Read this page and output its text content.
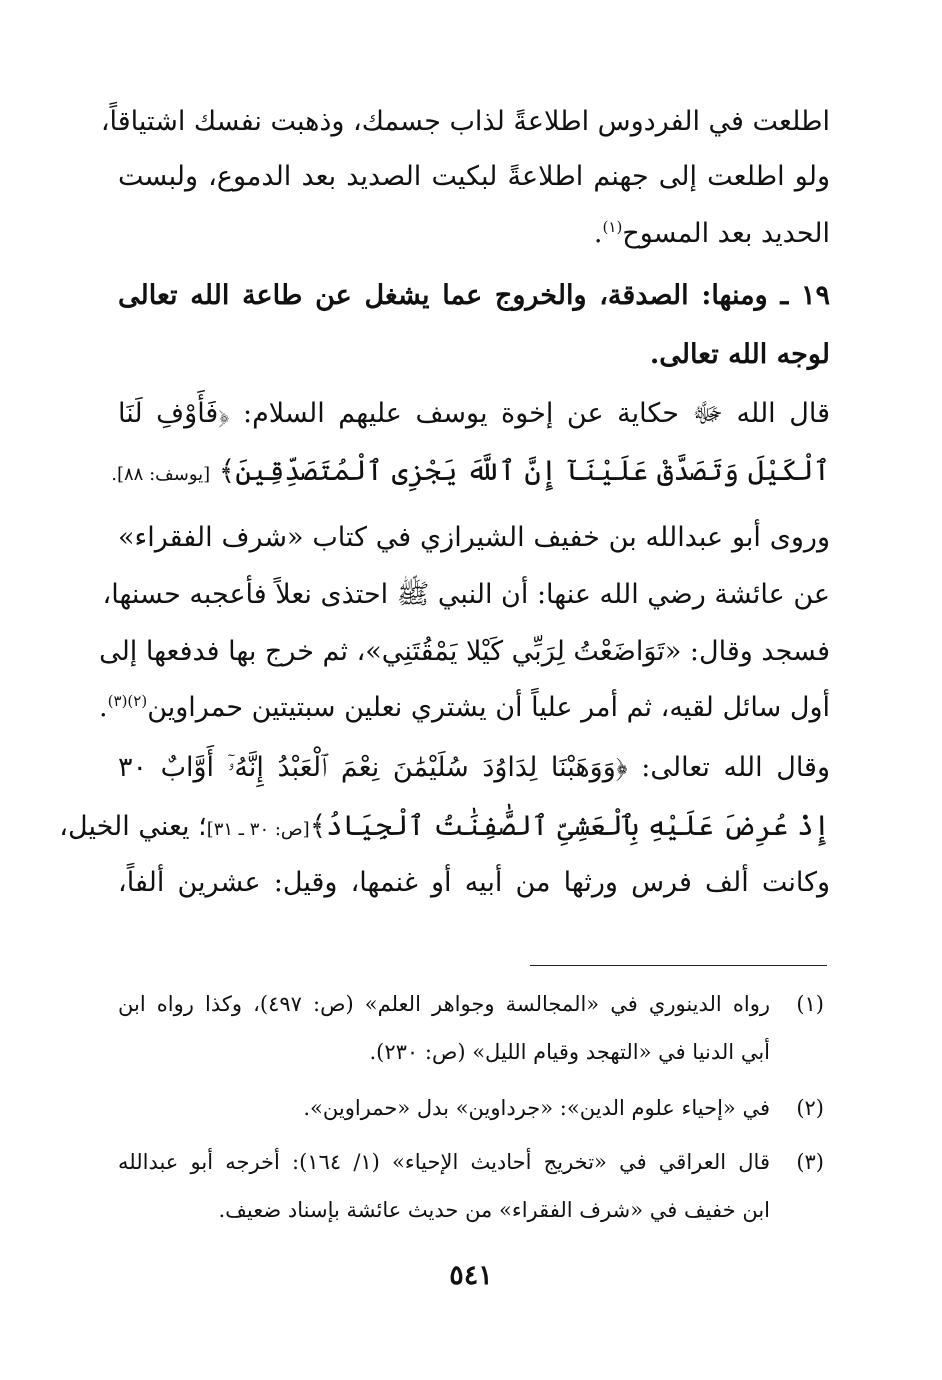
اطلعت في الفردوس اطلاعةً لذاب جسمك، وذهبت نفسك اشتياقاً،
ولو اطلعت إلى جهنم اطلاعةً لبكيت الصديد بعد الدموع، ولبست
الحديد بعد المسوح$^{(١)}$.
١٩ ـ ومنها: الصدقة، والخروج عما يشغل عن طاعة الله تعالى
لوجه الله تعالى.
قال الله ﷻ حكاية عن إخوة يوسف عليهم السلام: ﴿فَأَوْفِ لَنَا
ٱلْكَيْلَ وَتَصَدَّقْ عَلَيْنَآ إِنَّ ٱللَّهَ يَجْزِى ٱلْمُتَصَدِّقِينَ﴾ [يوسف: ٨٨].
وروى أبو عبدالله بن خفيف الشيرازي في كتاب «شرف الفقراء»
عن عائشة رضي الله عنها: أن النبي ﷺ احتذى نعلاً فأعجبه حسنها،
فسجد وقال: «تَوَاضَعْتُ لِرَبِّي كَيْلا يَمْقُتَنِي»، ثم خرج بها فدفعها إلى
أول سائل لقيه، ثم أمر علياً أن يشتري نعلين سبتيتين حمراوين$^{(٢)(٣)}$.
وقال الله تعالى: ﴿وَوَهَبْنَا لِدَاوُدَ سُلَيْمَٰنَ نِعْمَ ٱلْعَبْدُ إِنَّهُۥٓ أَوَّابٌ ٣٠
إِذْ عُرِضَ عَلَيْهِ بِٱلْعَشِىِّ ٱلصَّٰفِنَٰتُ ٱلْجِيَادُ﴾[ص: ٣٠ ـ ٣١]؛ يعني الخيل،
وكانت ألف فرس ورثها من أبيه أو غنمها، وقيل: عشرين ألفاً،
(١)
رواه الدينوري في «المجالسة وجواهر العلم» (ص: ٤٩٧)، وكذا رواه ابن
أبي الدنيا في «التهجد وقيام الليل» (ص: ٢٣٠).
(٢)
في «إحياء علوم الدين»: «جرداوين» بدل «حمراوين».
(٣)
قال العراقي في «تخريج أحاديث الإحياء» (١/ ١٦٤): أخرجه أبو عبدالله
ابن خفيف في «شرف الفقراء» من حديث عائشة بإسناد ضعيف.
٥٤١
